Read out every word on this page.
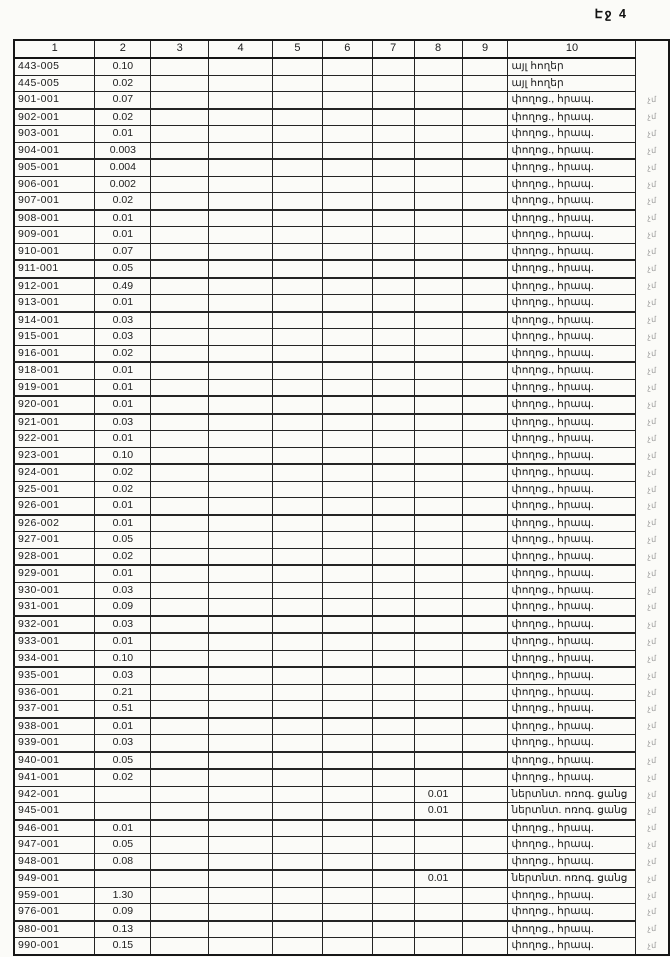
Էջ 4
1	2	3	4	5	6	7	8	9	10	
443-005	0.10								այլ հողեր	
445-005	0.02								այլ հողեր	
901-001	0.07								փողոց., հրապ.	չմ
902-001	0.02								փողոց., հրապ.	չմ
903-001	0.01								փողոց., հրապ.	չմ
904-001	0.003								փողոց., հրապ.	չմ
905-001	0.004								փողոց., հրապ.	չմ
906-001	0.002								փողոց., հրապ.	չմ
907-001	0.02								փողոց., հրապ.	չմ
908-001	0.01								փողոց., հրապ.	չմ
909-001	0.01								փողոց., հրապ.	չմ
910-001	0.07								փողոց., հրապ.	չմ
911-001	0.05								փողոց., հրապ.	չմ
912-001	0.49								փողոց., հրապ.	չմ
913-001	0.01								փողոց., հրապ.	չմ
914-001	0.03								փողոց., հրապ.	չմ
915-001	0.03								փողոց., հրապ.	չմ
916-001	0.02								փողոց., հրապ.	չմ
918-001	0.01								փողոց., հրապ.	չմ
919-001	0.01								փողոց., հրապ.	չմ
920-001	0.01								փողոց., հրապ.	չմ
921-001	0.03								փողոց., հրապ.	չմ
922-001	0.01								փողոց., հրապ.	չմ
923-001	0.10								փողոց., հրապ.	չմ
924-001	0.02								փողոց., հրապ.	չմ
925-001	0.02								փողոց., հրապ.	չմ
926-001	0.01								փողոց., հրապ.	չմ
926-002	0.01								փողոց., հրապ.	չմ
927-001	0.05								փողոց., հրապ.	չմ
928-001	0.02								փողոց., հրապ.	չմ
929-001	0.01								փողոց., հրապ.	չմ
930-001	0.03								փողոց., հրապ.	չմ
931-001	0.09								փողոց., հրապ.	չմ
932-001	0.03								փողոց., հրապ.	չմ
933-001	0.01								փողոց., հրապ.	չմ
934-001	0.10								փողոց., հրապ.	չմ
935-001	0.03								փողոց., հրապ.	չմ
936-001	0.21								փողոց., հրապ.	չմ
937-001	0.51								փողոց., հրապ.	չմ
938-001	0.01								փողոց., հրապ.	չմ
939-001	0.03								փողոց., հրապ.	չմ
940-001	0.05								փողոց., հրապ.	չմ
941-001	0.02								փողոց., հրապ.	չմ
942-001							0.01		ներտնտ. ոռոգ. ցանց	չմ
945-001							0.01		ներտնտ. ոռոգ. ցանց	չմ
946-001	0.01								փողոց., հրապ.	չմ
947-001	0.05								փողոց., հրապ.	չմ
948-001	0.08								փողոց., հրապ.	չմ
949-001							0.01		ներտնտ. ոռոգ. ցանց	չմ
959-001	1.30								փողոց., հրապ.	չմ
976-001	0.09								փողոց., հրապ.	չմ
980-001	0.13								փողոց., հրապ.	չմ
990-001	0.15								փողոց., հրապ.	չմ
